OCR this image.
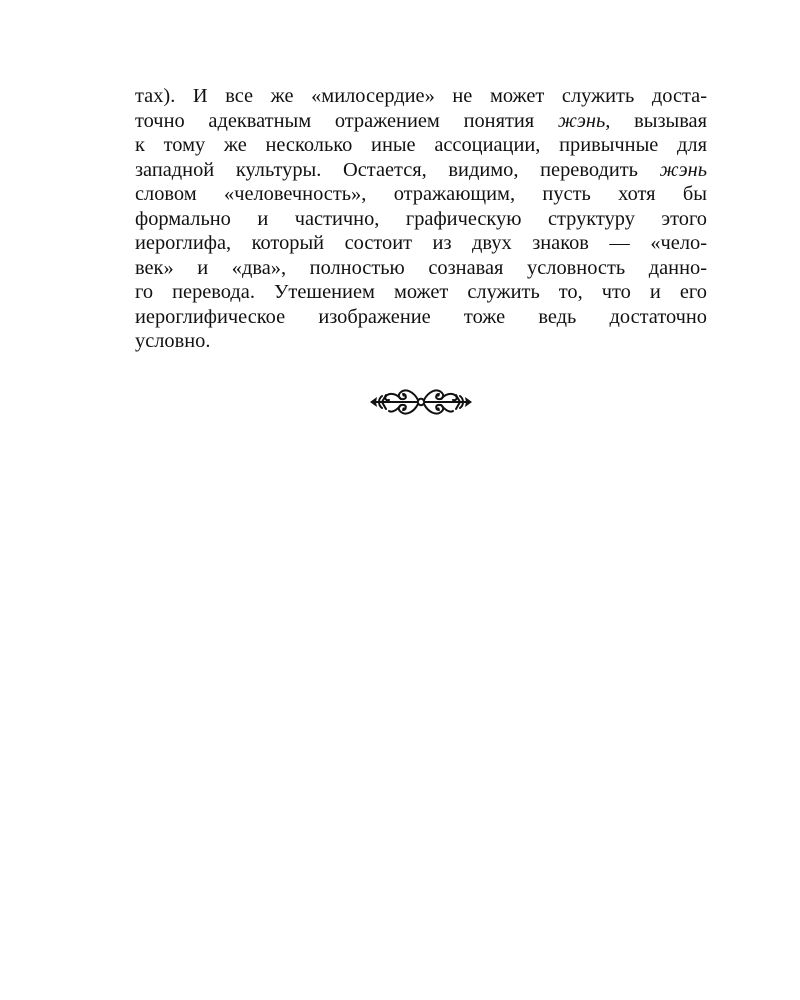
тах). И все же «милосердие» не может служить доста-
точно адекватным отражением понятия жэнь, вызывая
к тому же несколько иные ассоциации, привычные для
западной культуры. Остается, видимо, переводить жэнь
словом «человечность», отражающим, пусть хотя бы
формально и частично, графическую структуру этого
иероглифа, который состоит из двух знаков — «чело-
век» и «два», полностью сознавая условность данно-
го перевода. Утешением может служить то, что и его
иероглифическое изображение тоже ведь достаточно
условно.
